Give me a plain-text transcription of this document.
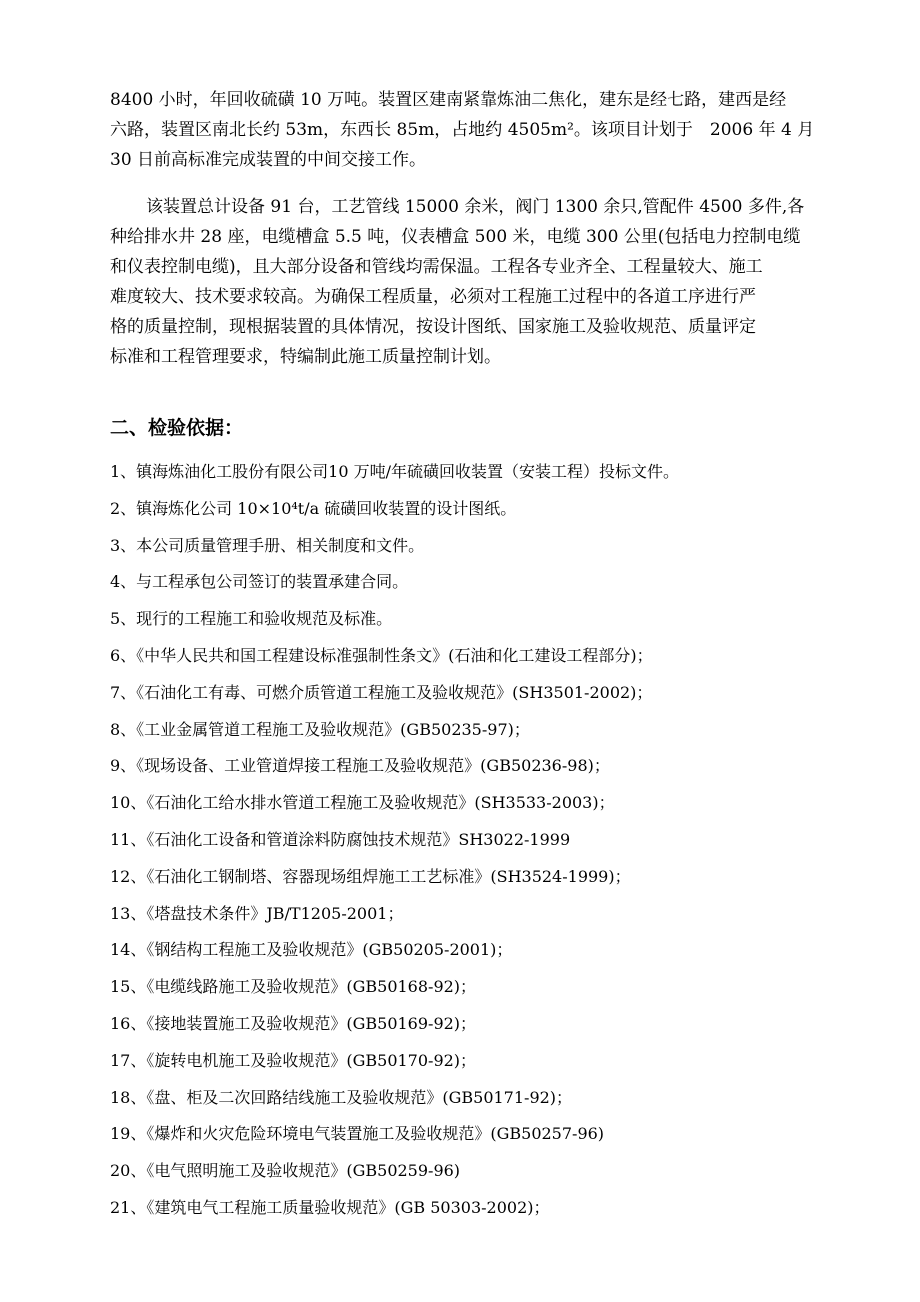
8400 小时，年回收硫磺 10 万吨。装置区建南紧靠炼油二焦化，建东是经七路，建西是经
六路，装置区南北长约 53m，东西长 85m，占地约 4505m²。该项目计划于　2006 年 4 月
30 日前高标准完成装置的中间交接工作。
该装置总计设备 91 台，工艺管线 15000 余米，阀门 1300 余只,管配件 4500 多件,各
种给排水井 28 座，电缆槽盒 5.5 吨，仪表槽盒 500 米，电缆 300 公里(包括电力控制电缆
和仪表控制电缆)，且大部分设备和管线均需保温。工程各专业齐全、工程量较大、施工
难度较大、技术要求较高。为确保工程质量，必须对工程施工过程中的各道工序进行严
格的质量控制，现根据装置的具体情况，按设计图纸、国家施工及验收规范、质量评定
标准和工程管理要求，特编制此施工质量控制计划。
二、检验依据：
1、镇海炼油化工股份有限公司10 万吨/年硫磺回收装置（安装工程）投标文件。
2、镇海炼化公司 10×10⁴t/a 硫磺回收装置的设计图纸。
3、本公司质量管理手册、相关制度和文件。
4、与工程承包公司签订的装置承建合同。
5、现行的工程施工和验收规范及标准。
6、《中华人民共和国工程建设标准强制性条文》(石油和化工建设工程部分)；
7、《石油化工有毒、可燃介质管道工程施工及验收规范》(SH3501-2002)；
8、《工业金属管道工程施工及验收规范》(GB50235-97)；
9、《现场设备、工业管道焊接工程施工及验收规范》(GB50236-98)；
10、《石油化工给水排水管道工程施工及验收规范》(SH3533-2003)；
11、《石油化工设备和管道涂料防腐蚀技术规范》SH3022-1999
12、《石油化工钢制塔、容器现场组焊施工工艺标准》(SH3524-1999)；
13、《塔盘技术条件》JB/T1205-2001；
14、《钢结构工程施工及验收规范》(GB50205-2001)；
15、《电缆线路施工及验收规范》(GB50168-92)；
16、《接地装置施工及验收规范》(GB50169-92)；
17、《旋转电机施工及验收规范》(GB50170-92)；
18、《盘、柜及二次回路结线施工及验收规范》(GB50171-92)；
19、《爆炸和火灾危险环境电气装置施工及验收规范》(GB50257-96)
20、《电气照明施工及验收规范》(GB50259-96)
21、《建筑电气工程施工质量验收规范》(GB 50303-2002)；
